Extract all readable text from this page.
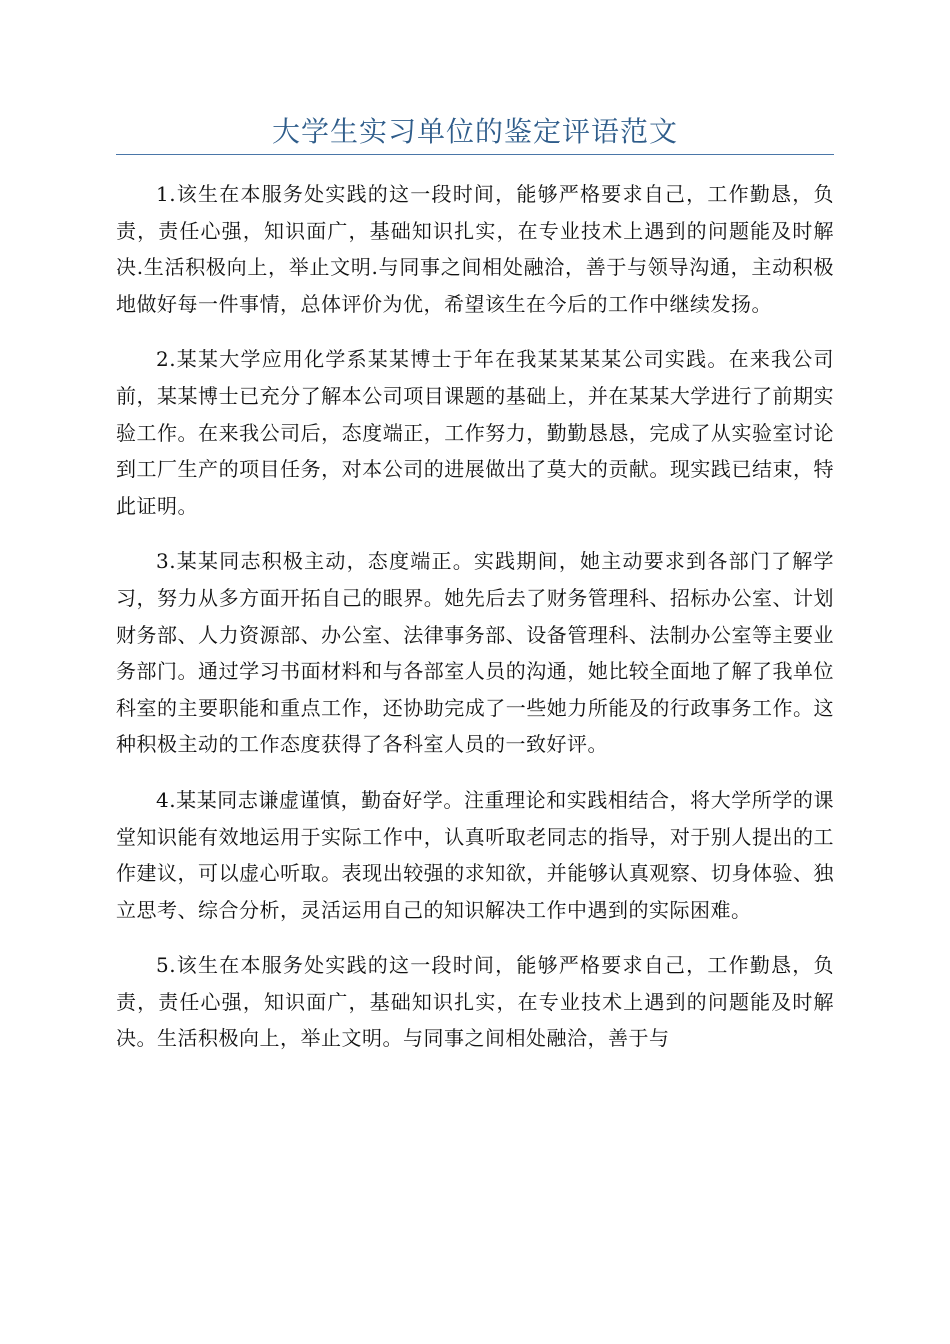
大学生实习单位的鉴定评语范文

1.该生在本服务处实践的这一段时间，能够严格要求自己，工作勤恳，负责，责任心强，知识面广，基础知识扎实，在专业技术上遇到的问题能及时解决.生活积极向上，举止文明.与同事之间相处融洽，善于与领导沟通，主动积极地做好每一件事情，总体评价为优，希望该生在今后的工作中继续发扬。

2.某某大学应用化学系某某博士于年在我某某某某公司实践。在来我公司前，某某博士已充分了解本公司项目课题的基础上，并在某某大学进行了前期实验工作。在来我公司后，态度端正，工作努力，勤勤恳恳，完成了从实验室讨论到工厂生产的项目任务，对本公司的进展做出了莫大的贡献。现实践已结束，特此证明。

3.某某同志积极主动，态度端正。实践期间，她主动要求到各部门了解学习，努力从多方面开拓自己的眼界。她先后去了财务管理科、招标办公室、计划财务部、人力资源部、办公室、法律事务部、设备管理科、法制办公室等主要业务部门。通过学习书面材料和与各部室人员的沟通，她比较全面地了解了我单位科室的主要职能和重点工作，还协助完成了一些她力所能及的行政事务工作。这种积极主动的工作态度获得了各科室人员的一致好评。

4.某某同志谦虚谨慎，勤奋好学。注重理论和实践相结合，将大学所学的课堂知识能有效地运用于实际工作中，认真听取老同志的指导，对于别人提出的工作建议，可以虚心听取。表现出较强的求知欲，并能够认真观察、切身体验、独立思考、综合分析，灵活运用自己的知识解决工作中遇到的实际困难。

5.该生在本服务处实践的这一段时间，能够严格要求自己，工作勤恳，负责，责任心强，知识面广，基础知识扎实，在专业技术上遇到的问题能及时解决。生活积极向上，举止文明。与同事之间相处融洽，善于与
